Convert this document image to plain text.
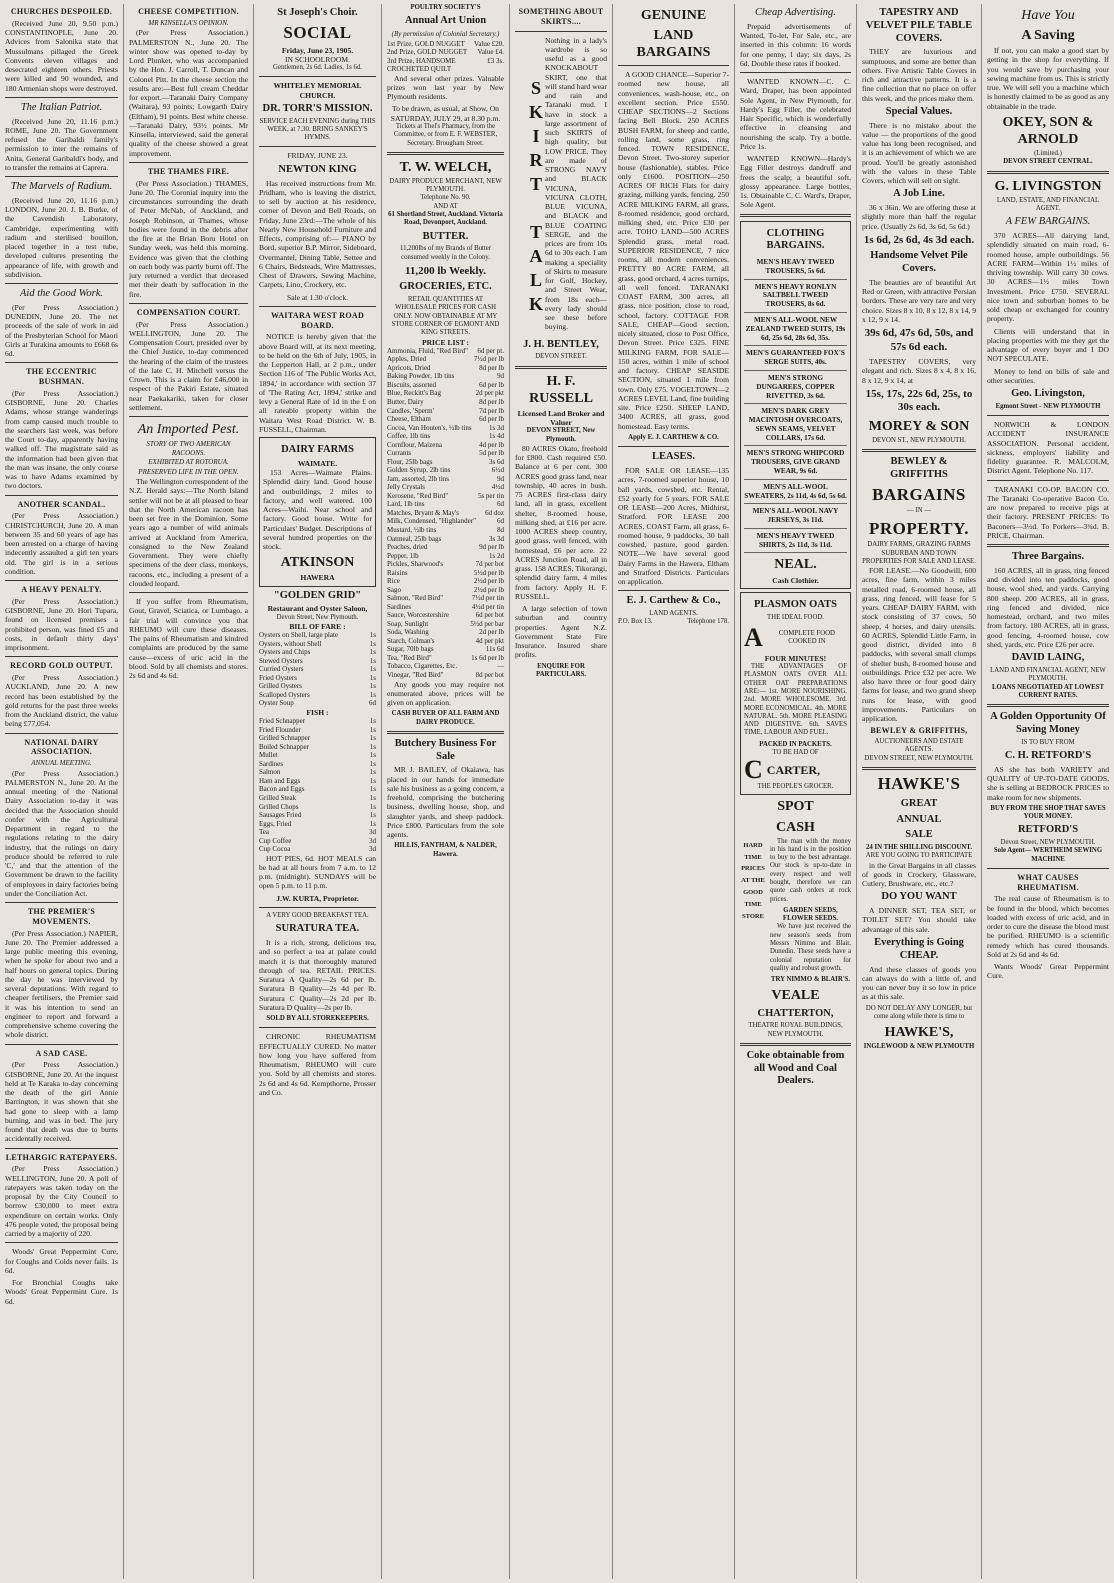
CHURCHES DESPOILED.

(Received June 20, 9.50 p.m.) CONSTANTINOPLE, June 20. Advices from Salonika state that Mussulmans pillaged the Greek Convents eleven villages and desecrated eighteen others. Priests were killed and 90 wounded, and 180 Armenian shops were destroyed.

The Italian Patriot.

(Received June 20, 11.16 p.m.) ROME, June 20. The Government refused the Garibaldi family's permission to inter the remains of Anita, General Garibaldi's body, and to transfer the remains at Caprera.

The Marvels of Radium.

(Received June 20, 11.16 p.m.) LONDON, June 20. J. B. Burke, of the Cavendish Laboratory, Cambridge, experimenting with radium and sterilised bouillon, placed together in a test tube, developed cultures presenting the appearance of life, with growth and subdivision.

Aid the Good Work.

(Per Press Association.) DUNEDIN, June 20. The net proceeds of the sale of work in aid of the Presbyterian School for Maori Girls at Turakina amounts to £668 6s 6d.

THE ECCENTRIC BUSHMAN.

(Per Press Association.) GISBORNE, June 20. Charles Adams, whose strange wanderings from camp caused much trouble to the searchers last week, was before the Court to-day, apparently having walked off. The magistrate said as the information had been given that the man was insane, the only course was to have Adams examined by two doctors.

ANOTHER SCANDAL.

(Per Press Association.) CHRISTCHURCH, June 20. A man between 35 and 60 years of age has been arrested on a charge of having indecently assaulted a girl ten years old. The girl is in a serious condition.

A HEAVY PENALTY.

(Per Press Association.) GISBORNE, June 20. Hori Tupara, found on licensed premises a prohibited person, was fined £5 and costs, in default thirty days' imprisonment.

RECORD GOLD OUTPUT.

(Per Press Association.) AUCKLAND, June 20. A new record has been established by the gold returns for the past three weeks from the Auckland district, the value being £77,054.

NATIONAL DAIRY ASSOCIATION.
ANNUAL MEETING.

(Per Press Association.) PALMERSTON N., June 20. At the annual meeting of the National Dairy Association to-day it was decided that the Association should confer with the Agricultural Department in regard to the regulations relating to the dairy industry, that the rulings on dairy produce should be referred to rule 'C,' and that the attention of the Government be drawn to the facility of employees in dairy factories being under the Conciliation Act.

THE PREMIER'S MOVEMENTS.

(Per Press Association.) NAPIER, June 20. The Premier addressed a large public meeting this evening, when he spoke for about two and a half hours on general topics. During the day he was interviewed by several deputations. With regard to cheaper fertilisers, the Premier said it was his intention to send an engineer to report and forward a comprehensive scheme covering the whole district.

A SAD CASE.

(Per Press Association.) GISBORNE, June 20. At the inquest held at Te Karaka to-day concerning the death of the girl Annie Barrington, it was shown that she had gone to sleep with a lamp burning, and was in bed. The jury found that death was due to burns accidentally received.

LETHARGIC RATEPAYERS.

(Per Press Association.) WELLINGTON, June 20. A poll of ratepayers was taken today on the proposal by the City Council to borrow £30,000 to meet extra expenditure on certain works. Only 476 people voted, the proposal being carried by a majority of 220.

Woods' Great Peppermint Cure, for Coughs and Colds never fails. 1s 6d.

For Bronchial Coughs take Woods' Great Peppermint Cure. 1s 6d.

CHEESE COMPETITION.
MR KINSELLA'S OPINION.

(Per Press Association.) PALMERSTON N., June 20. The winter show was opened to-day by Lord Plunket, who was accompanied by the Hon. J. Carroll, T. Duncan and Colonel Pitt. In the cheese section the results are:—Best full cream Cheddar for export.—Taranaki Dairy Company (Waitara), 93 points; Lowgarth Dairy (Eltham), 91 points. Best white cheese.—Taranaki Dairy, 93½ points. Mr Kinsella, interviewed, said the general quality of the cheese showed a great improvement.

THE THAMES FIRE.

(Per Press Association.) THAMES, June 20. The Coronial inquiry into the circumstances surrounding the death of Peter McNab, of Auckland, and Joseph Robinson, at Thames, whose bodies were found in the debris after the fire at the Brian Boru Hotel on Sunday week, was held this morning. Evidence was given that the clothing on each body was partly burnt off. The jury returned a verdict that deceased met their death by suffocation in the fire.

COMPENSATION COURT.

(Per Press Association.) WELLINGTON, June 20. The Compensation Court, presided over by the Chief Justice, to-day commenced the hearing of the claim of the trustees of the late C. H. Mitchell versus the Crown. This is a claim for £46,000 in respect of the Pakiri Estate, situated near Paekakariki, taken for closer settlement.

An Imported Pest.
STORY OF TWO AMERICAN RACOONS.
EXHIBITED AT ROTORUA.
PRESERVED LIFE IN THE OPEN.

The Wellington correspondent of the N.Z. Herald says:—The North Island settler will not be at all pleased to hear that the North American racoon has been set free in the Dominion. Some years ago a number of wild animals arrived at Auckland from America, consigned to the New Zealand Government. They were chiefly specimens of the deer class, monkeys, racoons, etc., including a present of a clouded leopard.

If you suffer from Rheumatism, Gout, Gravel, Sciatica, or Lumbago, a fair trial will convince you that RHEUMO will cure these diseases. The pains of Rheumatism and kindred complaints are produced by the same cause—excess of uric acid in the blood. Sold by all chemists and stores. 2s 6d and 4s 6d.

St Joseph's Choir.
SOCIAL
Friday, June 23, 1905.
IN SCHOOLROOM.
Gentlemen, 2s 6d. Ladies, 1s 6d.
WHITELEY MEMORIAL CHURCH.
DR. TORR'S MISSION.
SERVICE EACH EVENING during THIS WEEK, at 7.30. BRING SANKEY'S HYMNS.
FRIDAY, JUNE 23.
NEWTON KING

Has received instructions from Mr. Pridham, who is leaving the district, to sell by auction at his residence, corner of Devon and Bell Roads, on Friday, June 23rd:—The whole of his Nearly New Household Furniture and Effects, comprising of:— PIANO by Bord, superior B.P. Mirror, Sideboard, Overmantel, Dining Table, Settee and 6 Chairs, Bedsteads, Wire Mattresses, Chest of Drawers, Sewing Machine, Carpets, Lino, Crockery, etc.

Sale at 1.30 o'clock.
WAITARA WEST ROAD BOARD.

NOTICE is hereby given that the above Board will, at its next meeting, to be held on the 6th of July, 1905, in the Lepperton Hall, at 2 p.m., under Section 116 of 'The Public Works Act, 1894,' in accordance with section 37 of 'The Rating Act, 1894,' strike and levy a General Rate of 1d in the £ on all rateable property within the Waitara West Road District. W. B. FUSSELL, Chairman.

DAIRY FARMS
WAIMATE.

153 Acres—Waimate Plains. Splendid dairy land. Good house and outbuildings, 2 miles to factory, and well watered. 100 Acres—Waihi. Near school and factory. Good house. Write for Particulars' Budget. Descriptions of several hundred properties on the stock.

ATKINSON
HAWERA
"GOLDEN GRID"
Restaurant and Oyster Saloon,
Devon Street, New Plymouth.
BILL OF FARE :
Oysters on Shell, large plate	1s
Oysters, without Shell	1s
Oysters and Chips	1s
Stewed Oysters	1s
Curried Oysters	1s
Fried Oysters	1s
Grilled Oysters	1s
Scalloped Oysters	1s
Oyster Soup	6d
FISH :
Fried Schnapper	1s
Fried Flounder	1s
Grilled Schnapper	1s
Boiled Schnapper	1s
Mullet	1s
Sardines	1s
Salmon	1s
Ham and Eggs	1s
Bacon and Eggs	1s
Grilled Steak	1s
Grilled Chops	1s
Sausages Fried	1s
Eggs, Fried	1s
Tea	3d
Cup Coffee	3d
Cup Cocoa	3d

HOT PIES, 6d. HOT MEALS can be had at all hours from 7 a.m. to 12 p.m. (midnight). SUNDAYS will be open 5 p.m. to 11 p.m.

J.W. KURTA, Proprietor.
A VERY GOOD BREAKFAST TEA.
SURATURA TEA.

It is a rich, strong, delicious tea, and so perfect a tea at palate could match it is that thoroughly matured through of tea. RETAIL PRICES. Suratura A Quality—2s 6d per lb. Suratura B Quality—2s 4d per lb. Suratura C Quality—2s 2d per lb. Suratura D Quality—2s per lb.

SOLD BY ALL STOREKEEPERS.

CHRONIC RHEUMATISM EFFECTUALLY CURED. No matter how long you have suffered from Rheumatism, RHEUMO will cure you. Sold by all chemists and stores. 2s 6d and 4s 6d. Kempthorne, Prosser and Co.

POULTRY SOCIETY'S
Annual Art Union
(By permission of Colonial Secretary.)
1st Prize, GOLD NUGGET Value £20.
2nd Prize, GOLD NUGGET Value £4.
3rd Prize, HANDSOME CROCHETED QUILT
£3 3s.

And several other prizes. Valuable prizes won last year by New Plymouth residents.

To be drawn, as usual, at Show, On SATURDAY, JULY 29, at 8.30 p.m.
Tickets at Thel's Pharmacy, from the Committee, or from E. F. WEBSTER, Secretary. Brougham Street.
T. W. WELCH,
DAIRY PRODUCE MERCHANT, NEW PLYMOUTH.
Telephone No. 90.
AND AT
61 Shortland Street, Auckland. Victoria Road, Devonport, Auckland.
BUTTER.
11,200lbs of my Brands of Butter consumed weekly in the Colony.
11,200 lb Weekly.
GROCERIES, ETC.
RETAIL QUANTITIES AT WHOLESALE PRICES FOR CASH ONLY. NOW OBTAINABLE AT MY STORE CORNER OF EGMONT AND KING STREETS.
PRICE LIST :
Ammonia, Fluid, "Red Bird" 6d per pt.
Apples, Dried	7½d per lb
Apricots, Dried	8d per lb
Baking Powder, 1lb tins	9d
Biscuits, assorted	6d per lb
Blue, Reckitt's Bag	2d per pkt
Butter, Dairy	8d per lb
Candles, 'Sperm'	7d per lb
Cheese, Eltham	6d per lb
Cocoa, Van Houten's, ½lb tins 1s 3d
Coffee, 1lb tins	1s 4d
Cornflour, Maizena	4d per lb
Currants	5d per lb
Flour, 25lb bags	3s 6d
Golden Syrup, 2lb tins	6½d
Jam, assorted, 2lb tins	9d
Jelly Crystals	4½d
Kerosene, "Red Bird"	5s per tin
Lard, 1lb tins	6d
Matches, Bryant & May's	6d doz
Milk, Condensed, "Highlander"	6d
Mustard, ½lb tins	8d
Oatmeal, 25lb bags	3s 3d
Peaches, dried	9d per lb
Pepper, 1lb	1s 2d
Pickles, Sharwood's	7d per bot
Raisins	5½d per lb
Rice	2½d per lb
Sago	2½d per lb
Salmon, "Red Bird"	7½d per tin
Sardines	4½d per tin
Sauce, Worcestershire	6d per bot
Soap, Sunlight	5½d per bar
Soda, Washing	2d per lb
Starch, Colman's	4d per pkt
Sugar, 70lb bags	11s 6d
Tea, "Red Bird"	1s 6d per lb
Tobacco, Cigarettes, Etc.	—
Vinegar, "Red Bird"	8d per bot

Any goods you may require not enumerated above, prices will be given on application.

CASH BUYER OF ALL FARM AND DAIRY PRODUCE.
Butchery Business For Sale

MR J. BAILEY, of Okaiawa, has placed in our hands for immediate sale his business as a going concern, a freehold, comprising the butchering business, dwelling house, shop, and slaughter yards, and sheep paddock. Price £800. Particulars from the sole agents.

HILLIS, FANTHAM, & NALDER, Hawera.
SOMETHING ABOUT SKIRTS....
S
K
I
R
T

T
A
L
K

Nothing in a lady's wardrobe is so useful as a good KNOCKABOUT SKIRT, one that will stand hard wear and rain and Taranaki mud. I have in stock a large assortment of such SKIRTS of high quality, but LOW PRICE. They are made of STRONG NAVY and BLACK VICUNA, VICUNA CLOTH, BLUE VICUNA, and BLACK and BLUE COATING SERGE, and the prices are from 10s 6d to 30s each. I am making a speciality of Skirts to measure for Golf, Hockey, and Street Wear, from 18s each—every lady should see these before buying.

J. H. BENTLEY,
DEVON STREET.
H. F. RUSSELL
Licensed Land Broker and Valuer
DEVON STREET, New Plymouth.

80 ACRES Okato, freehold for £800. Cash required £50. Balance at 6 per cent. 300 ACRES good grass land, near township, 40 acres in bush. 75 ACRES first-class dairy land, all in grass, excellent shelter, 8-roomed house, milking shed, at £16 per acre. 1000 ACRES sheep country, good grass, well fenced, with homestead, £6 per acre. 22 ACRES Junction Road, all in grass. 158 ACRES, Tikorangi, splendid dairy farm, 4 miles from factory. Apply H. F. RUSSELL.

A large selection of town suburban and country properties. Agent N.Z. Government State Fire Insurance. Insured share profits.

ENQUIRE FOR PARTICULARS.
GENUINE
LAND BARGAINS

A GOOD CHANCE—Superior 7-roomed new house, all conveniences, wash-house, etc., on excellent section. Price £550. CHEAP SECTIONS—2 Sections facing Bell Block. 250 ACRES BUSH FARM, for sheep and cattle, rolling land, some grass, ring fenced. TOWN RESIDENCE, Devon Street. Two-storey superior house (fashionable), stables. Price only £1600. POSITION—250 ACRES OF RICH Flats for dairy grazing, milking yards, fencing. 250 ACRE MILKING FARM, all grass, 8-roomed residence, good orchard, milking shed, etc. Price £30 per acre. TOHO LAND—500 ACRES Splendid grass, metal road. SUPERIOR RESIDENCE, 7 nice rooms, all modern conveniences. PRETTY 80 ACRE FARM, all grass, good orchard, 4 acres turnips, all well fenced. TARANAKI COAST FARM, 300 acres, all grass, nice position, close to road, school, factory. COTTAGE FOR SALE, CHEAP—Good section, nicely situated, close to Post Office, Devon Street. Price £325. FINE MILKING FARM, FOR SALE—150 acres, within 1 mile of school and factory. CHEAP SEASIDE SECTION, situated 1 mile from town. Only £75. VOGELTOWN—2 ACRES LEVEL Land, fine building site. Price £250. SHEEP LAND, 3400 ACRES, all grass, good homestead. Easy terms.

Apply E. J. CARTHEW & CO.
LEASES.

FOR SALE OR LEASE—135 acres, 7-roomed superior house, 10 ball yards, cowshed, etc. Rental, £52 yearly for 5 years. FOR SALE OR LEASE—200 Acres, Midhirst, Stratford. FOR LEASE 200 ACRES, COAST Farm, all grass, 6-roomed house, 9 paddocks, 30 ball cowshed, pasture, good garden. NOTE—We have several good Dairy Farms in the Hawera, Eltham and Stratford Districts. Particulars on application.

E. J. Carthew & Co.,
LAND AGENTS.
P.O. Box 13.	Telephone 178.
Cheap Advertising.

Prepaid advertisements of Wanted, To-let, For Sale, etc., are inserted in this column: 16 words for one penny, 1 day; six days, 2s 6d. Double these rates if booked.

WANTED KNOWN—C. C. Ward, Draper, has been appointed Sole Agent, in New Plymouth, for Hardy's Egg Filler, the celebrated Hair Specific, which is wonderfully effective in cleansing and nourishing the scalp. Try a bottle. Price 1s.

WANTED KNOWN—Hardy's Egg Filler destroys dandruff and frees the scalp; a beautiful soft, glossy appearance. Large bottles, 1s. Obtainable C. C. Ward's, Draper, Sole Agent.

CLOTHING BARGAINS.
MEN'S HEAVY TWEED TROUSERS, 5s 6d.
MEN'S HEAVY RONLYN SALTBELL TWEED TROUSERS, 8s 6d.
MEN'S ALL-WOOL NEW ZEALAND TWEED SUITS, 19s 6d, 25s 6d, 28s 6d, 35s.
MEN'S GUARANTEED FOX'S SERGE SUITS, 40s.
MEN'S STRONG DUNGAREES, COPPER RIVETTED, 3s 6d.
MEN'S DARK GREY MACINTOSH OVERCOATS, SEWN SEAMS, VELVET COLLARS, 17s 6d.
MEN'S STRONG WHIPCORD TROUSERS, GIVE GRAND WEAR, 9s 6d.
MEN'S ALL-WOOL SWEATERS, 2s 11d, 4s 6d, 5s 6d.
MEN'S ALL-WOOL NAVY JERSEYS, 3s 11d.
MEN'S HEAVY TWEED SHIRTS, 2s 11d, 3s 11d.
NEAL.
Cash Clothier.
PLASMON OATS
THE IDEAL FOOD.
A	COMPLETE FOOD COOKED IN
FOUR MINUTES!

THE ADVANTAGES OF PLASMON OATS OVER ALL OTHER OAT PREPARATIONS ARE:— 1st. MORE NOURISHING. 2nd. MORE WHOLESOME. 3rd. MORE ECONOMICAL. 4th. MORE NATURAL. 5th. MORE PLEASING AND DIGESTIVE. 6th. SAVES TIME, LABOUR AND FUEL.

PACKED IN PACKETS.
TO BE HAD OF
C CARTER,
THE PEOPLE'S GROCER.
SPOT
CASH
HARD
TIME
PRICES
AT THE
GOOD
TIME
STORE

The man with the money in his hand is in the position to buy to the best advantage. Our stock is up-to-date in every respect and well bought, therefore we can quote cash orders at rock prices.

GARDEN SEEDS, FLOWER SEEDS.

We have just received the new season's seeds from Messrs Nimmo and Blair, Dunedin. These seeds have a colonial reputation for quality and robust growth.

TRY NIMMO & BLAIR'S.
VEALE
CHATTERTON,
THEATRE ROYAL BUILDINGS, NEW PLYMOUTH.
Coke obtainable from all Wood and Coal Dealers.
TAPESTRY AND VELVET PILE TABLE COVERS.

THEY are luxurious and sumptuous, and some are better than others. Five Artistic Table Covers in rich and attractive patterns. It is a fine collection that no place on offer this week, and the prices make them.

Special Values.

There is no mistake about the value — the proportions of the good value has long been recognised, and it is an achievement of which we are proud. You'll be greatly astonished with the values in these Table Covers, which will sell on sight.

A Job Line.

36 x 36in. We are offering these at slightly more than half the regular price. (Usually 2s 6d, 3s 6d, 5s 6d.)

1s 6d, 2s 6d, 4s 3d each.
Handsome Velvet Pile Covers.

The beauties are of beautiful Art Red or Green, with attractive Persian borders. These are very rare and very choice. Sizes 8 x 10, 8 x 12, 8 x 14, 9 x 12, 9 x 14.

39s 6d, 47s 6d, 50s, and 57s 6d each.

TAPESTRY COVERS, very elegant and rich. Sizes 8 x 4, 8 x 16, 8 x 12, 9 x 14, at

15s, 17s, 22s 6d, 25s, to 30s each.
MOREY & SON
DEVON ST., NEW PLYMOUTH.
BEWLEY & GRIFFITHS
BARGAINS
— IN —
PROPERTY.
DAIRY FARMS, GRAZING FARMS SUBURBAN AND TOWN PROPERTIES FOR SALE AND LEASE.

FOR LEASE.—No Goodwill, 600 acres, fine farm, within 3 miles metalled road, 6-roomed house, all grass, ring fenced, will lease for 5 years. CHEAP DAIRY FARM, with stock consisting of 37 cows, 50 sheep, 4 horses, and dairy utensils. 60 ACRES, Splendid Little Farm, in good district, divided into 8 paddocks, with several small clumps of shelter bush, 8-roomed house and outbuildings. Price £32 per acre. We also have three or four good dairy farms for lease, and two grand sheep runs for lease, with good improvements. Particulars on application.

BEWLEY & GRIFFITHS,
AUCTIONEERS AND ESTATE AGENTS.
DEVON STREET, NEW PLYMOUTH.
HAWKE'S
GREAT
ANNUAL
SALE
24 IN THE SHILLING DISCOUNT.
ARE YOU GOING TO PARTICIPATE

in the Great Bargains in all classes of goods in Crockery, Glassware, Cutlery, Brushware, etc., etc.?

DO YOU WANT

A DINNER SET, TEA SET, or TOILET SET? You should take advantage of this sale.

Everything is Going CHEAP.

And these classes of goods you can always do with a little of, and you can never buy it so low in price as at this sale.

DO NOT DELAY ANY LONGER, but come along while there is time to
HAWKE'S,
INGLEWOOD & NEW PLYMOUTH
Have You
A Saving

If not, you can make a good start by getting in the shop for everything. If you would save by purchasing your sewing machine from us. This is strictly true. We will sell you a machine which is honestly claimed to be as good as any obtainable in the trade.

OKEY, SON & ARNOLD
(Limited.)
DEVON STREET CENTRAL.
G. LIVINGSTON
LAND, ESTATE, AND FINANCIAL AGENT.
A FEW BARGAINS.

370 ACRES—All dairying land, splendidly situated on main road, 6-roomed house, ample outbuildings. 56 ACRE FARM—Within 1½ miles of thriving township. Will carry 30 cows. 30 ACRES—1½ miles Town Investment. Price £750. SEVERAL nice town and suburban homes to be sold cheap or exchanged for country property.

Clients will understand that in placing properties with me they get the advantage of every buyer and I DO NOT SPECULATE.

Money to lend on bills of sale and other securities.

Geo. Livingston,
Egmont Street - NEW PLYMOUTH

NORWICH & LONDON ACCIDENT INSURANCE ASSOCIATION. Personal accident, sickness, employers' liability and fidelity guarantee. R. MALCOLM, District Agent. Telephone No. 117.

TARANAKI CO-OP. BACON CO. The Taranaki Co-operative Bacon Co. are now prepared to receive pigs at their factory. PRESENT PRICES: To Baconers—3½d. To Porkers—3¾d. B. PRICE, Chairman.

Three Bargains.

160 ACRES, all in grass, ring fenced and divided into ten paddocks, good house, wool shed, and yards. Carrying 800 sheep. 200 ACRES, all in grass, ring fenced and divided, nice homestead, orchard, and two miles from factory. 180 ACRES, all in grass, good fencing, 4-roomed house, cow shed, yards, etc. Price £26 per acre.

DAVID LAING,
LAND AND FINANCIAL AGENT, NEW PLYMOUTH.
LOANS NEGOTIATED AT LOWEST CURRENT RATES.
A Golden Opportunity Of Saving Money
IS TO BUY FROM
C. H. RETFORD'S

AS she has both VARIETY and QUALITY of UP-TO-DATE GOODS, she is selling at BEDROCK PRICES to make room for new shipments.

BUY FROM THE SHOP THAT SAVES YOUR MONEY.
RETFORD'S
Devon Street, NEW PLYMOUTH.
Sole Agent— WERTHEIM SEWING MACHINE
WHAT CAUSES RHEUMATISM.

The real cause of Rheumatism is to be found in the blood, which becomes loaded with excess of uric acid, and in order to cure the disease the blood must be purified. RHEUMO is a scientific remedy which has cured thousands. Sold at 2s 6d and 4s 6d.

Wants Woods' Great Peppermint Cure.
